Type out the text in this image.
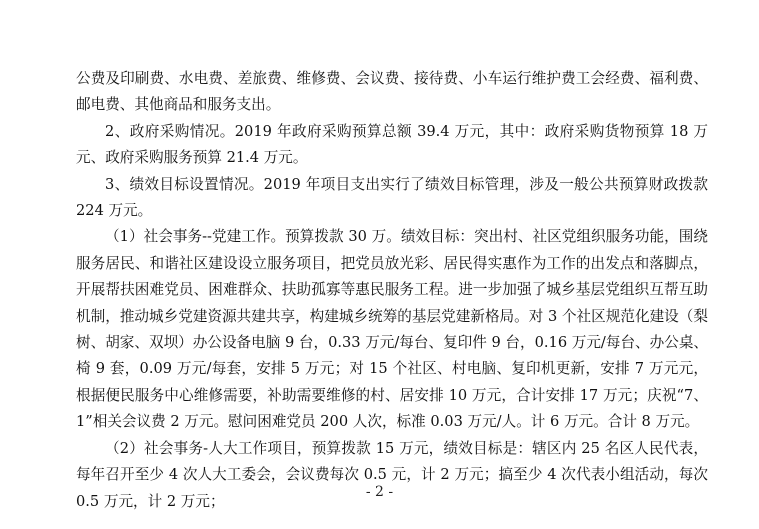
公费及印刷费、水电费、差旅费、维修费、会议费、接待费、小车运行维护费工会经费、福利费、邮电费、其他商品和服务支出。

2、政府采购情况。2019 年政府采购预算总额 39.4 万元，其中：政府采购货物预算 18 万元、政府采购服务预算 21.4 万元。

3、绩效目标设置情况。2019 年项目支出实行了绩效目标管理，涉及一般公共预算财政拨款 224 万元。

（1）社会事务--党建工作。预算拨款 30 万。绩效目标：突出村、社区党组织服务功能，围绕服务居民、和谐社区建设设立服务项目，把党员放光彩、居民得实惠作为工作的出发点和落脚点，开展帮扶困难党员、困难群众、扶助孤寡等惠民服务工程。进一步加强了城乡基层党组织互帮互助机制，推动城乡党建资源共建共享，构建城乡统筹的基层党建新格局。对 3 个社区规范化建设（梨树、胡家、双坝）办公设备电脑 9 台，0.33 万元/每台、复印件 9 台，0.16 万元/每台、办公桌、椅 9 套，0.09 万元/每套，安排 5 万元；对 15 个社区、村电脑、复印机更新，安排 7 万元元，根据便民服务中心维修需要，补助需要维修的村、居安排 10 万元，合计安排 17 万元；庆祝“7、1”相关会议费 2 万元。慰问困难党员 200 人次，标准 0.03 万元/人。计 6 万元。合计 8 万元。

（2）社会事务-人大工作项目，预算拨款 15 万元，绩效目标是：辖区内 25 名区人民代表，每年召开至少 4 次人大工委会，会议费每次 0.5 元，计 2 万元；搞至少 4 次代表小组活动，每次 0.5 万元，计 2 万元；

- 2 -
